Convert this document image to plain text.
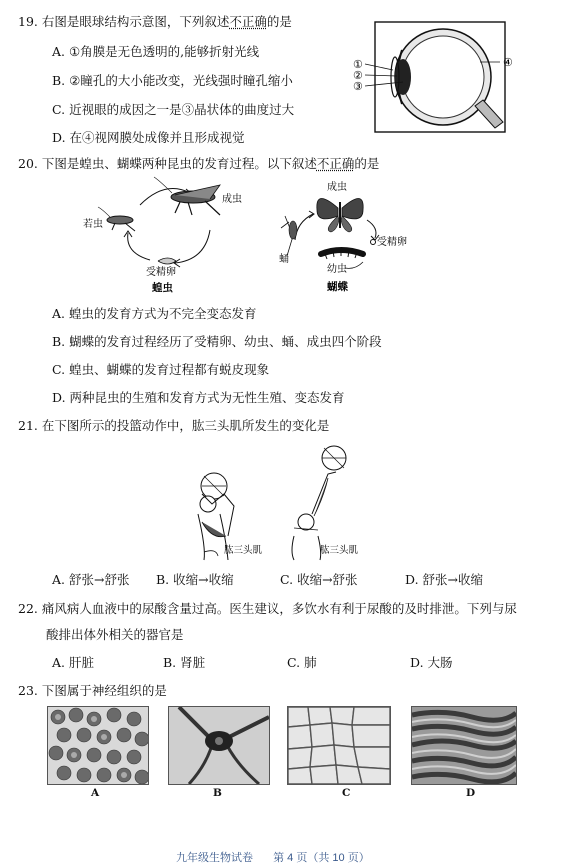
19. 右图是眼球结构示意图，下列叙述不正确的是
A. ①角膜是无色透明的,能够折射光线
B. ②瞳孔的大小能改变，光线强时瞳孔缩小
C. 近视眼的成因之一是③晶状体的曲度过大
D. 在④视网膜处成像并且形成视觉
①
②
③
④
20. 下图是蝗虫、蝴蝶两种昆虫的发育过程。以下叙述不正确的是
成虫
若虫
受精卵
蝗虫
成虫
受精卵
蛹
幼虫
蝴蝶
A. 蝗虫的发育方式为不完全变态发育
B. 蝴蝶的发育过程经历了受精卵、幼虫、蛹、成虫四个阶段
C. 蝗虫、蝴蝶的发育过程都有蜕皮现象
D. 两种昆虫的生殖和发育方式为无性生殖、变态发育
21. 在下图所示的投篮动作中，肱三头肌所发生的变化是
肱三头肌	肱三头肌
A. 舒张→舒张 B. 收缩→收缩	C. 收缩→舒张	D. 舒张→收缩
22. 痛风病人血液中的尿酸含量过高。医生建议，多饮水有利于尿酸的及时排泄。下列与尿
酸排出体外相关的器官是
A. 肝脏	B. 肾脏	C. 肺	D. 大肠
23. 下图属于神经组织的是
A	B	C	D
九年级生物试卷 第 4 页（共 10 页）
